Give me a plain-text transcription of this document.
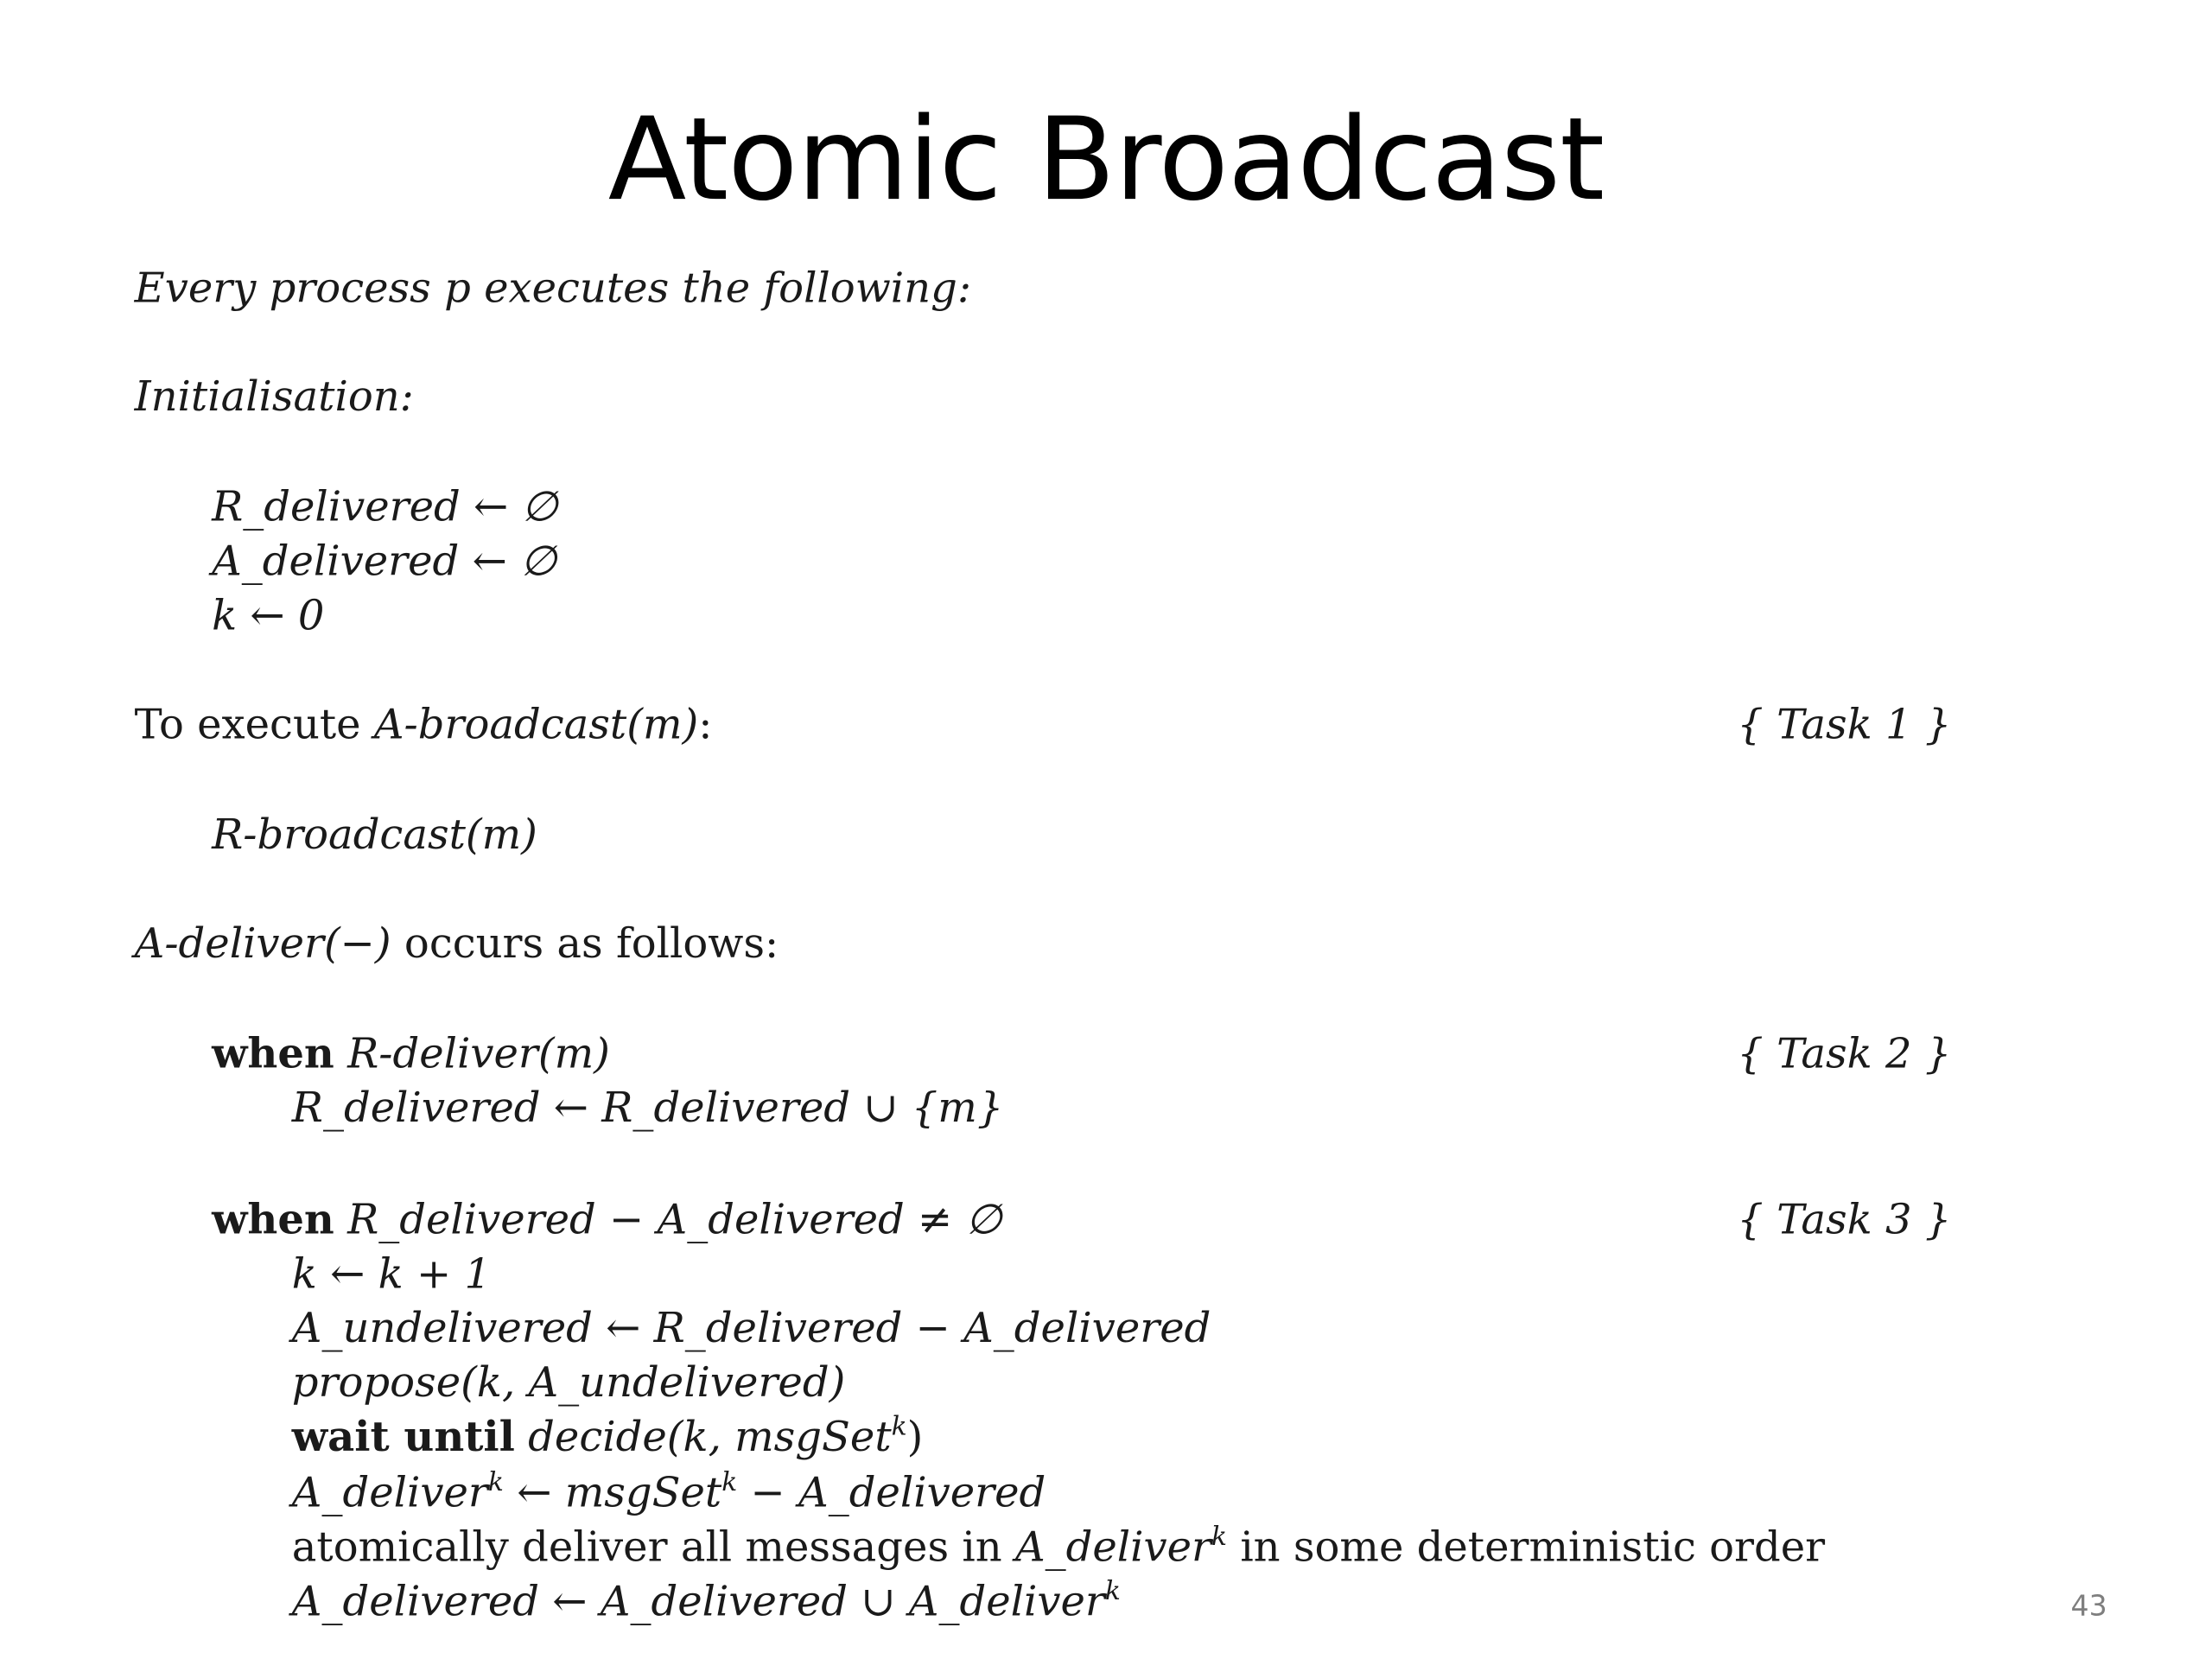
Atomic Broadcast
Every process p executes the following:
Initialisation:
R_delivered ← ∅
A_delivered ← ∅
k ← 0
To execute A-broadcast(m):	{ Task 1 }
R-broadcast(m)
A-deliver(−) occurs as follows:
when R-deliver(m)	{ Task 2 }
R_delivered ← R_delivered ∪ {m}
when R_delivered − A_delivered ≠ ∅	{ Task 3 }
k ← k + 1
A_undelivered ← R_delivered − A_delivered
propose(k, A_undelivered)
wait until decide(k, msgSet$^k$)
A_deliver$^k$ ← msgSet$^k$ − A_delivered
atomically deliver all messages in A_deliver$^k$ in some deterministic order
A_delivered ← A_delivered ∪ A_deliver$^k$	43
